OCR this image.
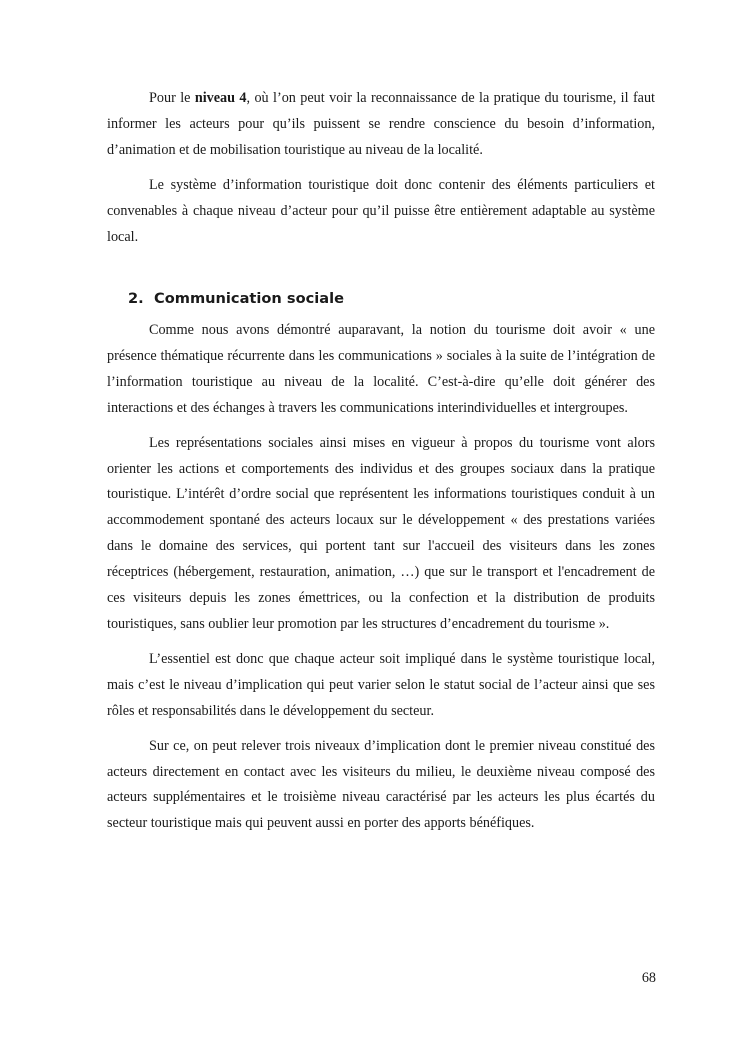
Pour le niveau 4, où l’on peut voir la reconnaissance de la pratique du tourisme, il faut informer les acteurs pour qu’ils puissent se rendre conscience du besoin d’information, d’animation et de mobilisation touristique au niveau de la localité.

Le système d’information touristique doit donc contenir des éléments particuliers et convenables à chaque niveau d’acteur pour qu’il puisse être entièrement adaptable au système local.

2. Communication sociale

Comme nous avons démontré auparavant, la notion du tourisme doit avoir « une présence thématique récurrente dans les communications » sociales à la suite de l’intégration de l’information touristique au niveau de la localité. C’est-à-dire qu’elle doit générer des interactions et des échanges à travers les communications interindividuelles et intergroupes.

Les représentations sociales ainsi mises en vigueur à propos du tourisme vont alors orienter les actions et comportements des individus et des groupes sociaux dans la pratique touristique. L’intérêt d’ordre social que représentent les informations touristiques conduit à un accommodement spontané des acteurs locaux sur le développement « des prestations variées dans le domaine des services, qui portent tant sur l'accueil des visiteurs dans les zones réceptrices (hébergement, restauration, animation, …) que sur le transport et l'encadrement de ces visiteurs depuis les zones émettrices, ou la confection et la distribution de produits touristiques, sans oublier leur promotion par les structures d’encadrement du tourisme ».

L’essentiel est donc que chaque acteur soit impliqué dans le système touristique local, mais c’est le niveau d’implication qui peut varier selon le statut social de l’acteur ainsi que ses rôles et responsabilités dans le développement du secteur.

Sur ce, on peut relever trois niveaux d’implication dont le premier niveau constitué des acteurs directement en contact avec les visiteurs du milieu, le deuxième niveau composé des acteurs supplémentaires et le troisième niveau caractérisé par les acteurs les plus écartés du secteur touristique mais qui peuvent aussi en porter des apports bénéfiques.

68
